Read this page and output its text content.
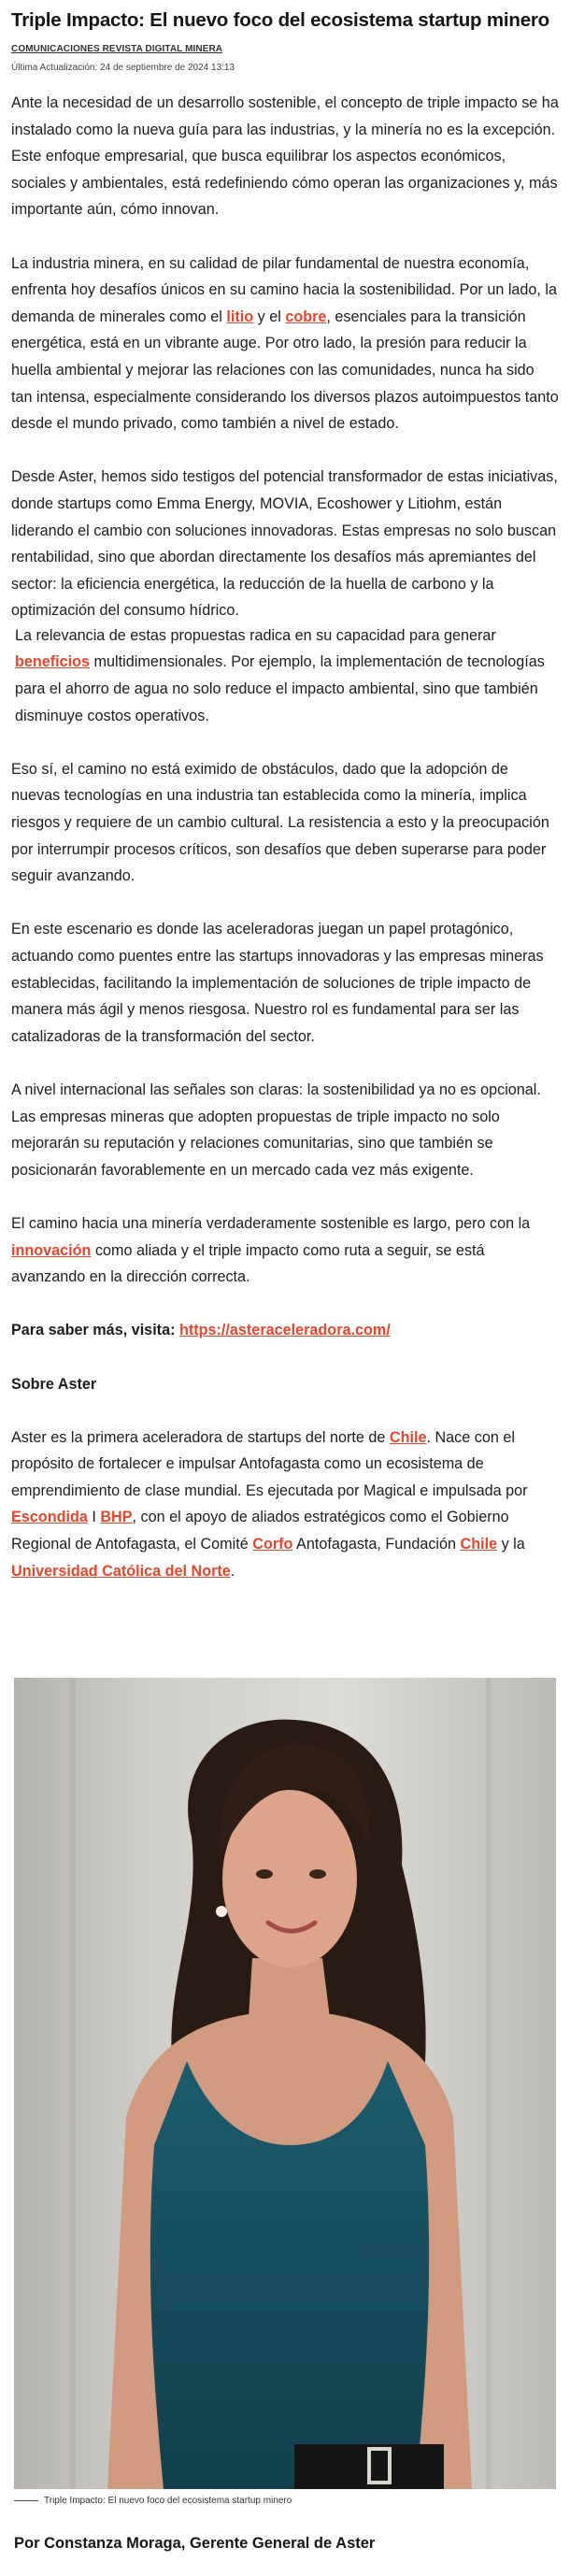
Triple Impacto: El nuevo foco del ecosistema startup minero
COMUNICACIONES REVISTA DIGITAL MINERA
Última Actualización: 24 de septiembre de 2024 13:13

Ante la necesidad de un desarrollo sostenible, el concepto de triple impacto se ha instalado como la nueva guía para las industrias, y la minería no es la excepción. Este enfoque empresarial, que busca equilibrar los aspectos económicos, sociales y ambientales, está redefiniendo cómo operan las organizaciones y, más importante aún, cómo innovan.

La industria minera, en su calidad de pilar fundamental de nuestra economía, enfrenta hoy desafíos únicos en su camino hacia la sostenibilidad. Por un lado, la demanda de minerales como el litio y el cobre, esenciales para la transición energética, está en un vibrante auge. Por otro lado, la presión para reducir la huella ambiental y mejorar las relaciones con las comunidades, nunca ha sido tan intensa, especialmente considerando los diversos plazos autoimpuestos tanto desde el mundo privado, como también a nivel de estado.

Desde Aster, hemos sido testigos del potencial transformador de estas iniciativas, donde startups como Emma Energy, MOVIA, Ecoshower y Litiohm, están liderando el cambio con soluciones innovadoras. Estas empresas no solo buscan rentabilidad, sino que abordan directamente los desafíos más apremiantes del sector: la eficiencia energética, la reducción de la huella de carbono y la optimización del consumo hídrico.

La relevancia de estas propuestas radica en su capacidad para generar beneficios multidimensionales. Por ejemplo, la implementación de tecnologías para el ahorro de agua no solo reduce el impacto ambiental, sino que también disminuye costos operativos.

Eso sí, el camino no está eximido de obstáculos, dado que la adopción de nuevas tecnologías en una industria tan establecida como la minería, implica riesgos y requiere de un cambio cultural. La resistencia a esto y la preocupación por interrumpir procesos críticos, son desafíos que deben superarse para poder seguir avanzando.

En este escenario es donde las aceleradoras juegan un papel protagónico, actuando como puentes entre las startups innovadoras y las empresas mineras establecidas, facilitando la implementación de soluciones de triple impacto de manera más ágil y menos riesgosa. Nuestro rol es fundamental para ser las catalizadoras de la transformación del sector.

A nivel internacional las señales son claras: la sostenibilidad ya no es opcional. Las empresas mineras que adopten propuestas de triple impacto no solo mejorarán su reputación y relaciones comunitarias, sino que también se posicionarán favorablemente en un mercado cada vez más exigente.

El camino hacia una minería verdaderamente sostenible es largo, pero con la innovación como aliada y el triple impacto como ruta a seguir, se está avanzando en la dirección correcta.

Para saber más, visita: https://asteraceleradora.com/

Sobre Aster

Aster es la primera aceleradora de startups del norte de Chile. Nace con el propósito de fortalecer e impulsar Antofagasta como un ecosistema de emprendimiento de clase mundial. Es ejecutada por Magical e impulsada por Escondida I BHP, con el apoyo de aliados estratégicos como el Gobierno Regional de Antofagasta, el Comité Corfo Antofagasta, Fundación Chile y la Universidad Católica del Norte.

Triple Impacto: El nuevo foco del ecosistema startup minero
Por Constanza Moraga, Gerente General de Aster
